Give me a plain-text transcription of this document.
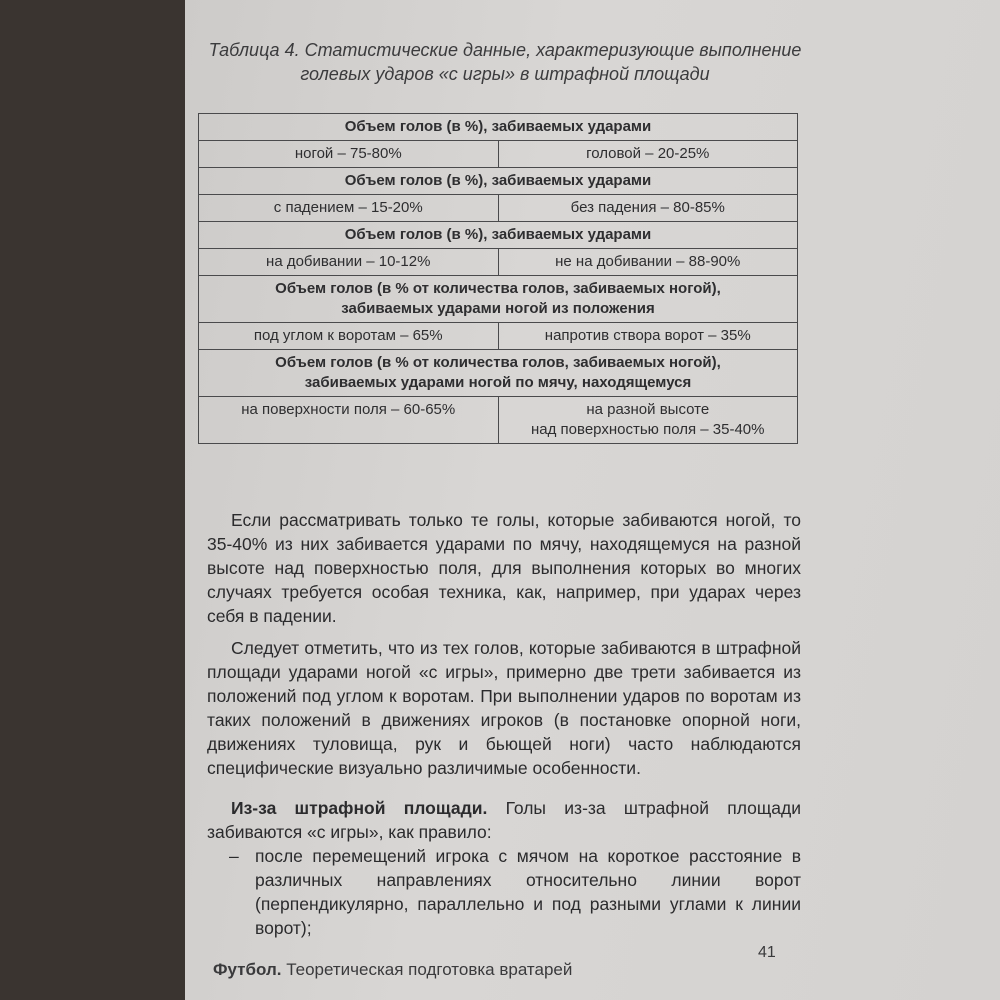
Таблица 4. Статистические данные, характеризующие выполнение
голевых ударов «с игры» в штрафной площади
Объем голов (в %), забиваемых ударами	
ногой – 75-80%	головой – 20-25%
Объем голов (в %), забиваемых ударами	
с падением – 15-20%	без падения – 80-85%
Объем голов (в %), забиваемых ударами	
на добивании – 10-12%	не на добивании – 88-90%

Объем голов (в % от количества голов, забиваемых ногой),
забиваемых ударами ногой из положения	

под углом к воротам – 65%	напротив створа ворот – 35%

Объем голов (в % от количества голов, забиваемых ногой),
забиваемых ударами ногой по мячу, находящемуся	

на поверхности поля – 60-65%	на разной высоте
над поверхностью поля – 35-40%

Если рассматривать только те голы, которые забиваются ногой, то 35-40% из них забивается ударами по мячу, находящемуся на разной высоте над поверхностью поля, для выполнения которых во многих случаях требуется особая техника, как, например, при ударах через себя в падении.

Следует отметить, что из тех голов, которые забиваются в штрафной площади ударами ногой «с игры», примерно две трети забивается из положений под углом к воротам. При выполнении ударов по воротам из таких положений в движениях игроков (в постановке опорной ноги, движениях туловища, рук и бьющей ноги) часто наблюдаются специфические визуально различимые особенности.

Из-за штрафной площади. Голы из-за штрафной площади забиваются «с игры», как правило:

– после перемещений игрока с мячом на короткое расстояние в различных направлениях относительно линии ворот (перпендикулярно, параллельно и под разными углами к линии ворот);
41
Футбол. Теоретическая подготовка вратарей
